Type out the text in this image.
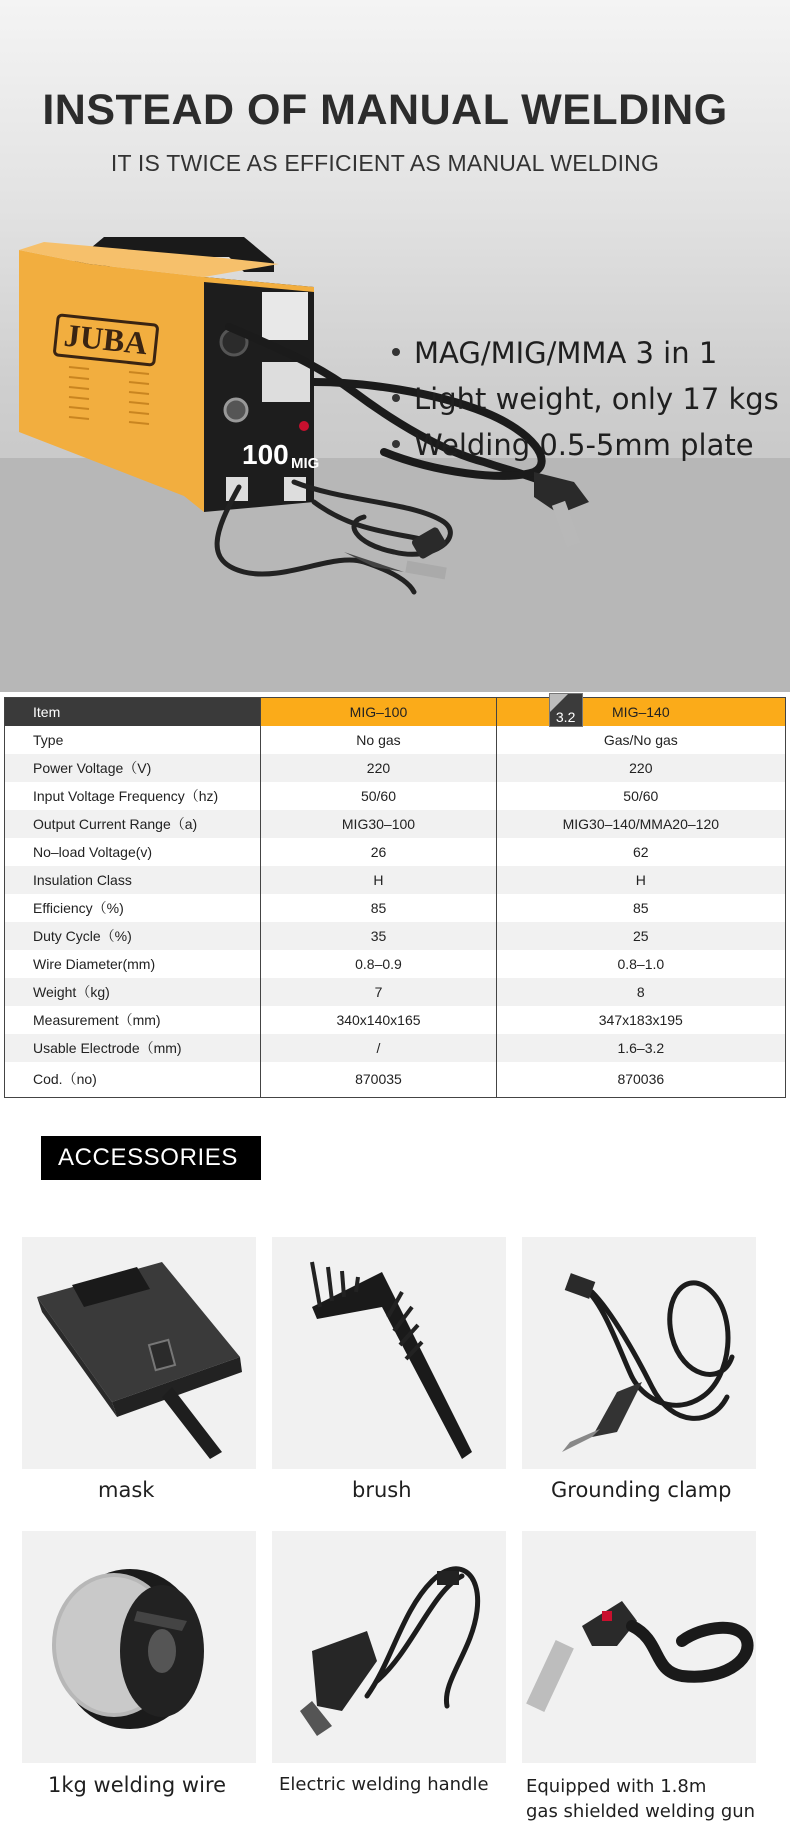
INSTEAD OF MANUAL WELDING
IT IS TWICE AS EFFICIENT AS MANUAL WELDING
JUBA
100 MIG
MAG/MIG/MMA 3 in 1
Light weight, only 17 kgs
Welding 0.5-5mm plate
Item	MIG–100	3.2 MIG–140
Type	No gas	Gas/No gas
Power Voltage（V)	220	220
Input Voltage Frequency（hz)	50/60	50/60
Output Current Range（a)	MIG30–100	MIG30–140/MMA20–120
No–load Voltage(v)	26	62
Insulation Class	H	H
Efficiency（%)	85	85
Duty Cycle（%)	35	25
Wire Diameter(mm)	0.8–0.9	0.8–1.0
Weight（kg)	7	8
Measurement（mm)	340x140x165	347x183x195
Usable Electrode（mm)	/	1.6–3.2
Cod.（no)	870035	870036
ACCESSORIES
mask	brush	Grounding clamp
1kg welding wire	Electric welding handle Equipped with 1.8m
gas shielded welding gun
